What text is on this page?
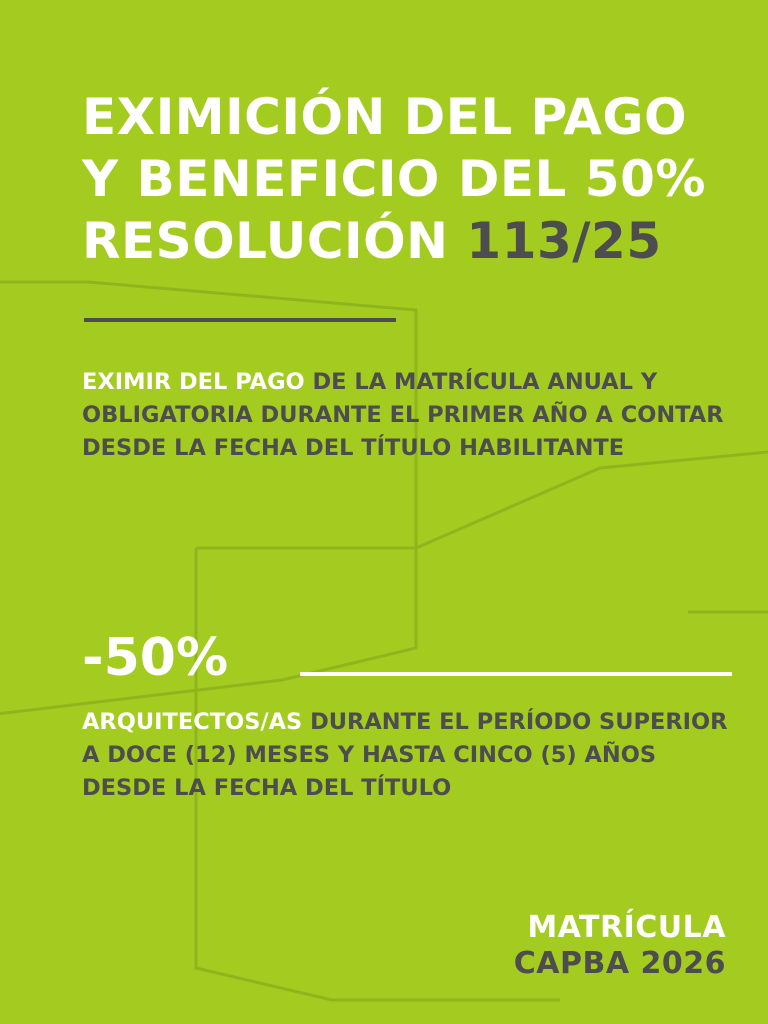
EXIMICIÓN DEL PAGO
Y BENEFICIO DEL 50%
RESOLUCIÓN 113/25
EXIMIR DEL PAGO DE LA MATRÍCULA ANUAL Y OBLIGATORIA DURANTE EL PRIMER AÑO A CONTAR DESDE LA FECHA DEL TÍTULO HABILITANTE
-50%
ARQUITECTOS/AS DURANTE EL PERÍODO SUPERIOR A DOCE (12) MESES Y HASTA CINCO (5) AÑOS DESDE LA FECHA DEL TÍTULO
MATRÍCULA
CAPBA 2026
